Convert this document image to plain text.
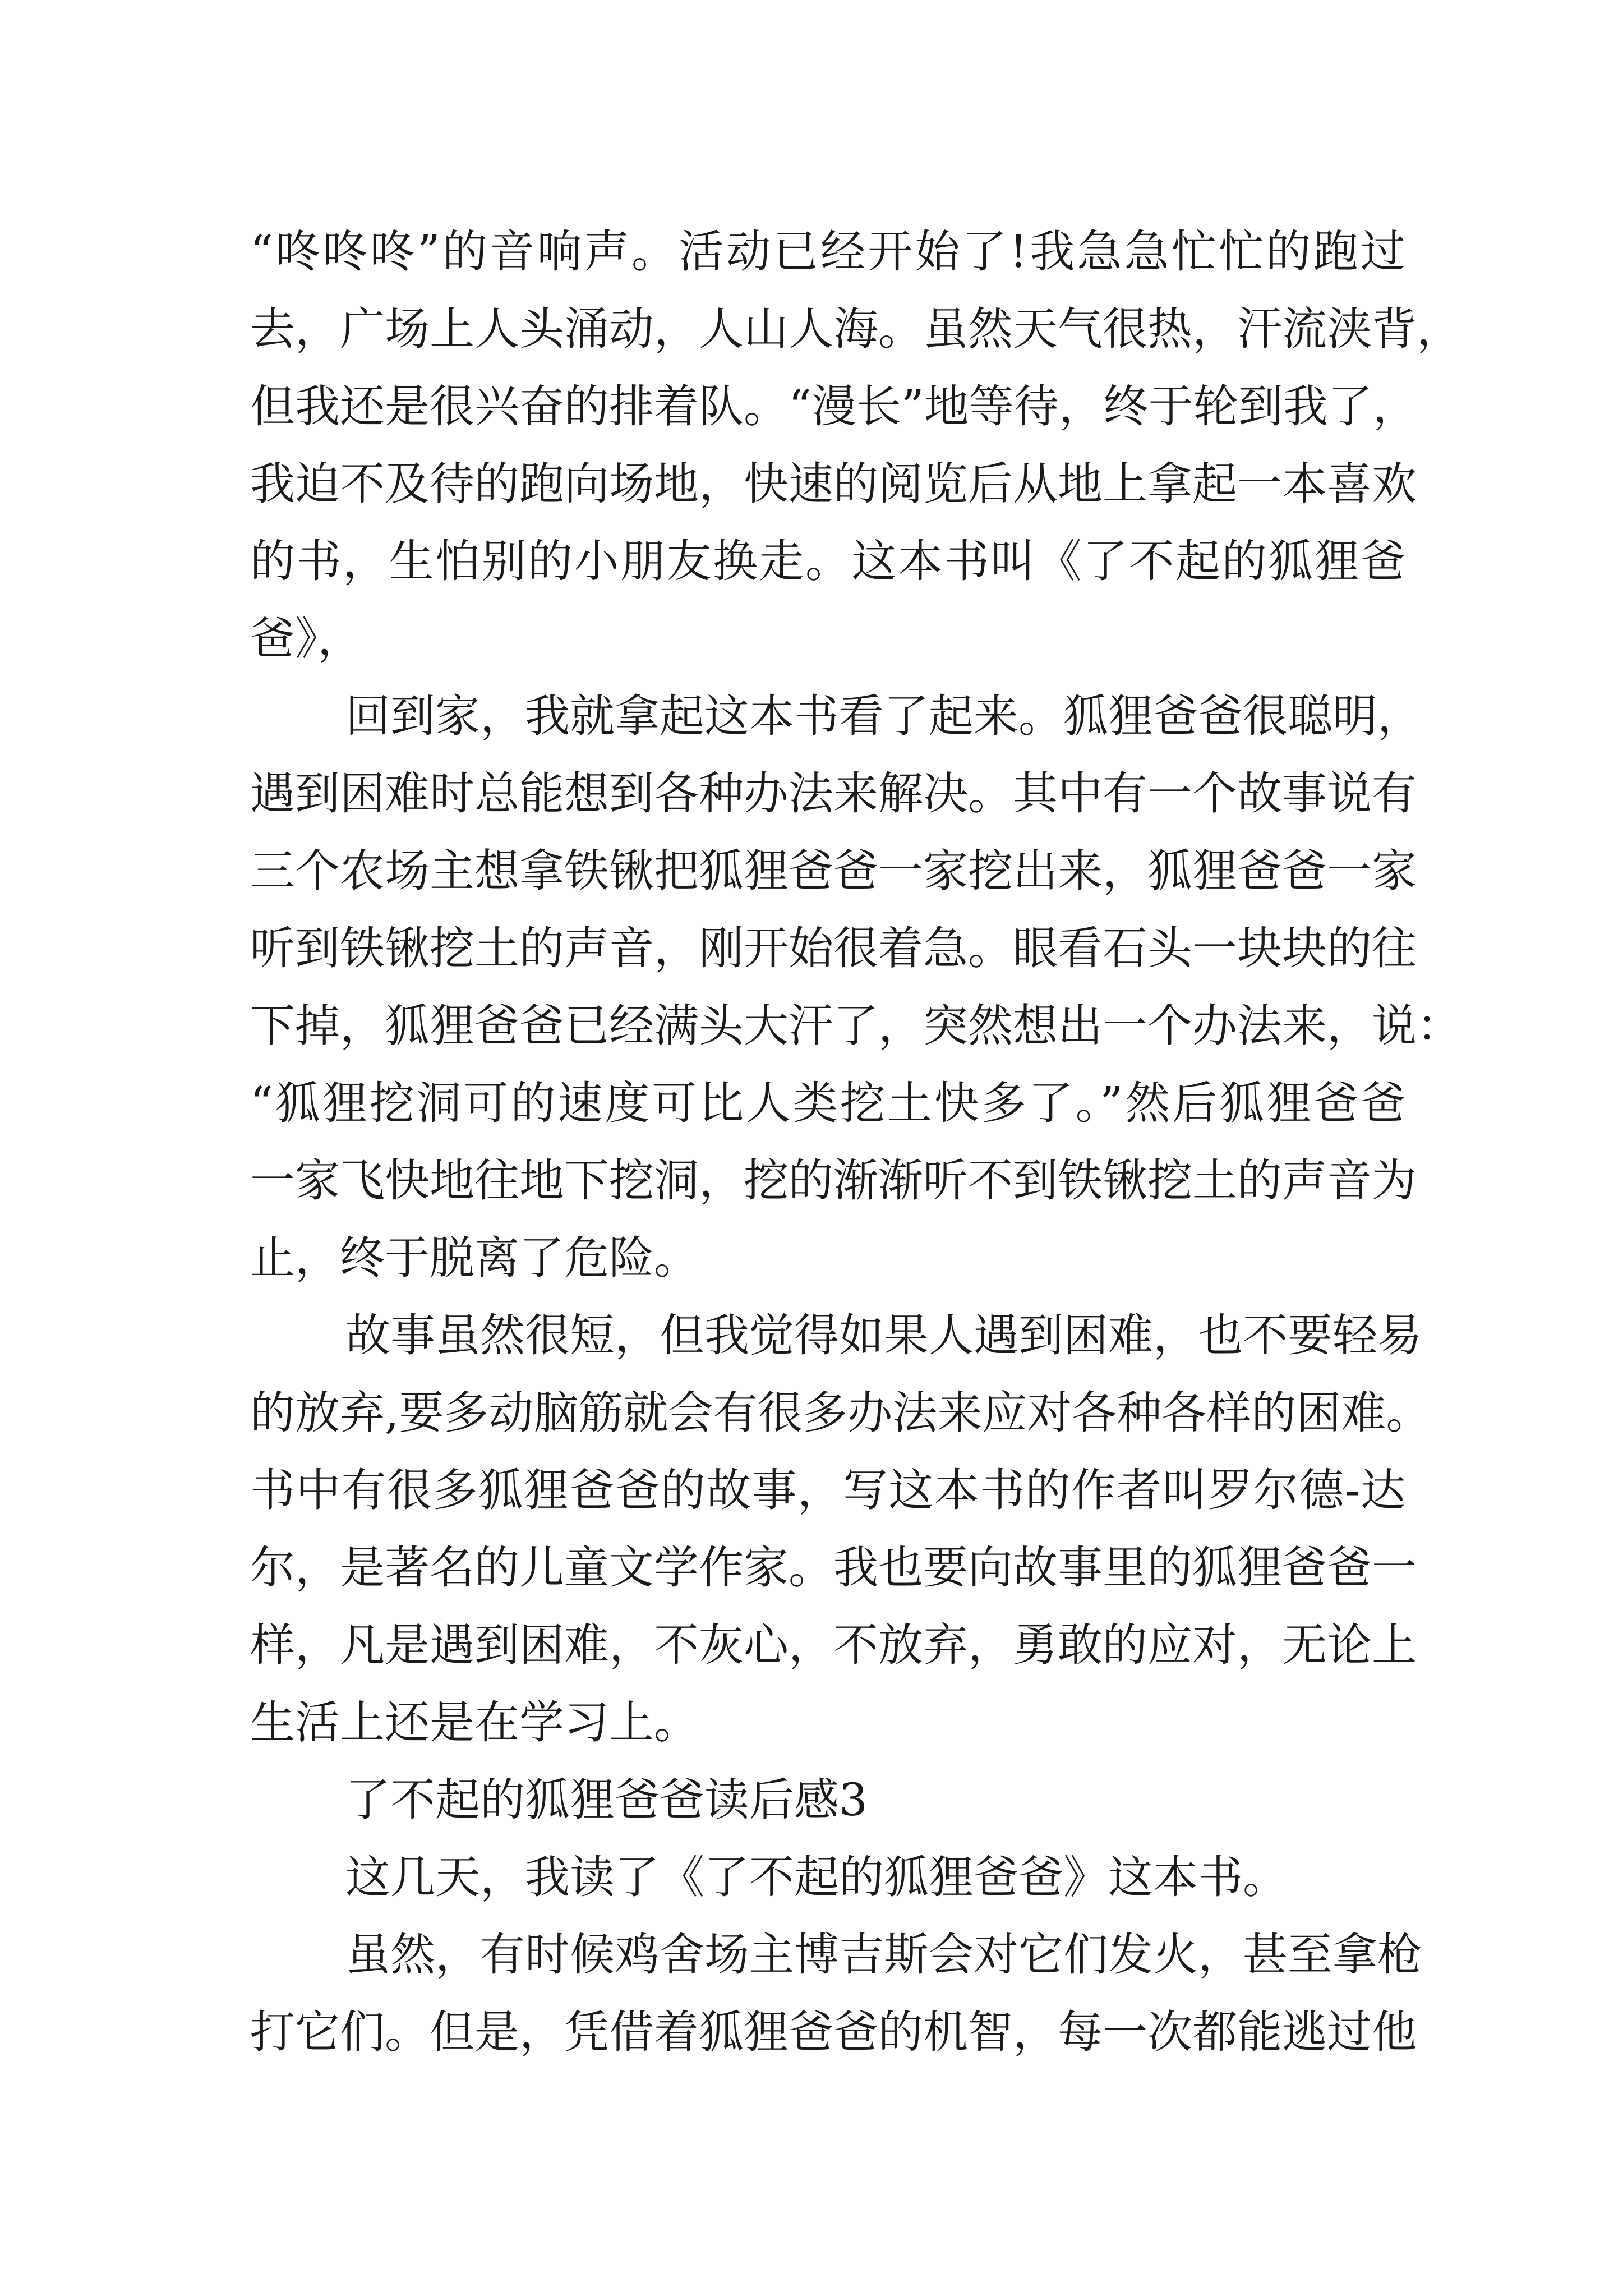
“咚咚咚”的音响声。活动已经开始了!我急急忙忙的跑过
去，广场上人头涌动，人山人海。虽然天气很热，汗流浃背，
但我还是很兴奋的排着队。“漫长”地等待，终于轮到我了，
我迫不及待的跑向场地，快速的阅览后从地上拿起一本喜欢
的书，生怕别的小朋友换走。这本书叫《了不起的狐狸爸
爸》，
回到家，我就拿起这本书看了起来。狐狸爸爸很聪明，
遇到困难时总能想到各种办法来解决。其中有一个故事说有
三个农场主想拿铁锹把狐狸爸爸一家挖出来，狐狸爸爸一家
听到铁锹挖土的声音，刚开始很着急。眼看石头一块块的往
下掉，狐狸爸爸已经满头大汗了，突然想出一个办法来，说：
“狐狸挖洞可的速度可比人类挖土快多了。”然后狐狸爸爸
一家飞快地往地下挖洞，挖的渐渐听不到铁锹挖土的声音为
止，终于脱离了危险。
故事虽然很短，但我觉得如果人遇到困难，也不要轻易
的放弃,要多动脑筋就会有很多办法来应对各种各样的困难。
书中有很多狐狸爸爸的故事，写这本书的作者叫罗尔德-达
尔，是著名的儿童文学作家。我也要向故事里的狐狸爸爸一
样，凡是遇到困难，不灰心，不放弃，勇敢的应对，无论上
生活上还是在学习上。
了不起的狐狸爸爸读后感3
这几天，我读了《了不起的狐狸爸爸》这本书。
虽然，有时候鸡舍场主博吉斯会对它们发火，甚至拿枪
打它们。但是，凭借着狐狸爸爸的机智，每一次都能逃过他
